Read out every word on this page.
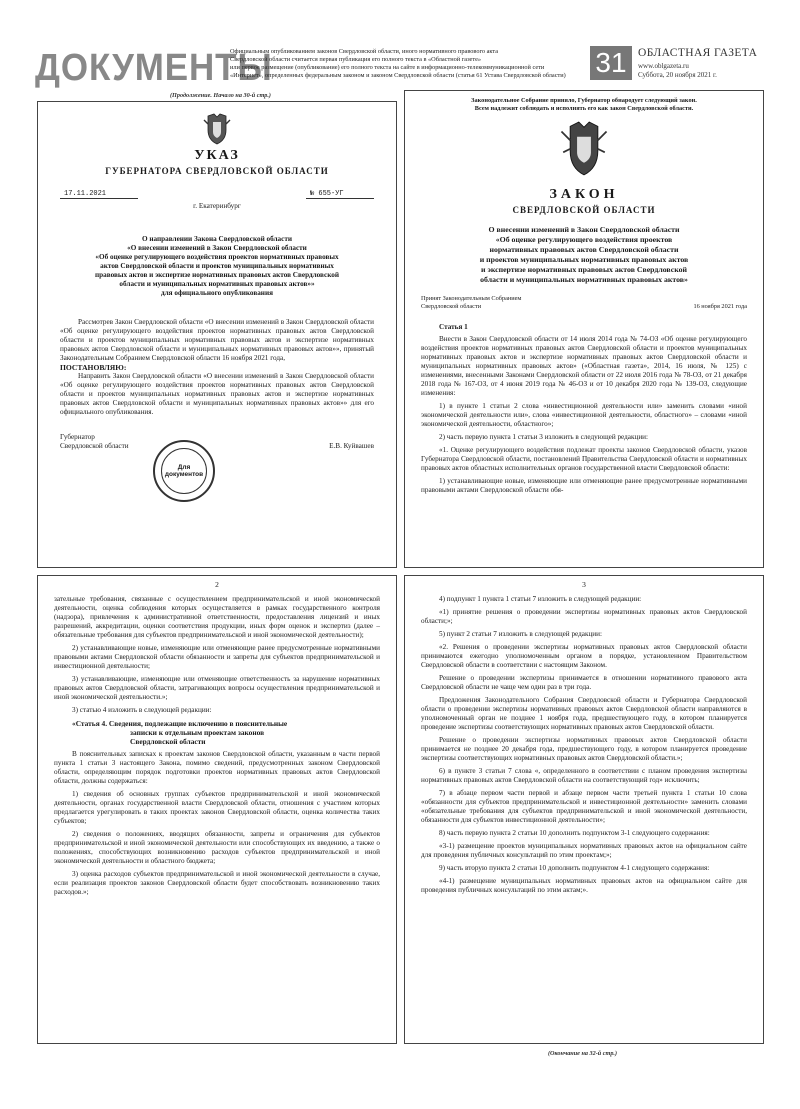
ДОКУМЕНТЫ
Официальным опубликованием законов Свердловской области, иного нормативного правового акта
Свердловской области считается первая публикация его полного текста в «Областной газете»
или первое размещение (опубликование) его полного текста на сайте в информационно-телекоммуникационной сети
«Интернет», определенных федеральным законом и законом Свердловской области (статья 61 Устава Свердловской области)	31 ОБЛАСТНАЯ ГАЗЕТА
www.oblgazeta.ru
Суббота, 20 ноября 2021 г.
(Продолжение. Начало на 30-й стр.)
УКАЗ
ГУБЕРНАТОРА СВЕРДЛОВСКОЙ ОБЛАСТИ
17.11.2021	№ 655-УГ
г. Екатеринбург
О направлении Закона Свердловской области
«О внесении изменений в Закон Свердловской области
«Об оценке регулирующего воздействия проектов нормативных правовых
актов Свердловской области и проектов муниципальных нормативных
правовых актов и экспертизе нормативных правовых актов Свердловской
области и муниципальных нормативных правовых актов»»
для официального опубликования

Рассмотрев Закон Свердловской области «О внесении изменений в Закон Свердловской области «Об оценке регулирующего воздействия проектов нормативных правовых актов Свердловской области и проектов муниципальных нормативных правовых актов и экспертизе нормативных правовых актов Свердловской области и муниципальных нормативных правовых актов»», принятый Законодательным Собранием Свердловской области 16 ноября 2021 года,

ПОСТАНОВЛЯЮ:

Направить Закон Свердловской области «О внесении изменений в Закон Свердловской области «Об оценке регулирующего воздействия проектов нормативных правовых актов Свердловской области и проектов муниципальных нормативных правовых актов и экспертизе нормативных правовых актов Свердловской области и муниципальных нормативных правовых актов»» для его официального опубликования.

Губернатор
Свердловской области	Е.В. Куйвашев
Для документов
Законодательное Собрание приняло, Губернатор обнародует следующий закон.
Всем надлежит соблюдать и исполнять его как закон Свердловской области.
ЗАКОН
СВЕРДЛОВСКОЙ ОБЛАСТИ
О внесении изменений в Закон Свердловской области
«Об оценке регулирующего воздействия проектов
нормативных правовых актов Свердловской области
и проектов муниципальных нормативных правовых актов
и экспертизе нормативных правовых актов Свердловской
области и муниципальных нормативных правовых актов»
Принят Законодательным Собранием
Свердловской области	16 ноября 2021 года

Статья 1

Внести в Закон Свердловской области от 14 июля 2014 года № 74-ОЗ «Об оценке регулирующего воздействия проектов нормативных правовых актов Свердловской области и проектов муниципальных нормативных правовых актов и экспертизе нормативных правовых актов Свердловской области и муниципальных нормативных правовых актов» («Областная газета», 2014, 16 июля, № 125) с изменениями, внесенными Законами Свердловской области от 22 июля 2016 года № 78-ОЗ, от 21 декабря 2018 года № 167-ОЗ, от 4 июня 2019 года № 46-ОЗ и от 10 декабря 2020 года № 139-ОЗ, следующие изменения:

1) в пункте 1 статьи 2 слова «инвестиционной деятельности или» заменить словами «иной экономической деятельности или», слова «инвестиционной деятельности, областного» – словами «иной экономической деятельности, областного»;

2) часть первую пункта 1 статьи 3 изложить в следующей редакции:

«1. Оценке регулирующего воздействия подлежат проекты законов Свердловской области, указов Губернатора Свердловской области, постановлений Правительства Свердловской области и нормативных правовых актов областных исполнительных органов государственной власти Свердловской области:

1) устанавливающие новые, изменяющие или отменяющие ранее предусмотренные нормативными правовыми актами Свердловской области обя-

2

зательные требования, связанные с осуществлением предпринимательской и иной экономической деятельности, оценка соблюдения которых осуществляется в рамках государственного контроля (надзора), привлечения к административной ответственности, предоставления лицензий и иных разрешений, аккредитации, оценки соответствия продукции, иных форм оценок и экспертиз (далее – обязательные требования для субъектов предпринимательской и иной экономической деятельности);

2) устанавливающие новые, изменяющие или отменяющие ранее предусмотренные нормативными правовыми актами Свердловской области обязанности и запреты для субъектов предпринимательской и инвестиционной деятельности;

3) устанавливающие, изменяющие или отменяющие ответственность за нарушение нормативных правовых актов Свердловской области, затрагивающих вопросы осуществления предпринимательской и иной экономической деятельности.»;

3) статью 4 изложить в следующей редакции:

«Статья 4. Сведения, подлежащие включению в пояснительные
записки к отдельным проектам законов
Свердловской области

В пояснительных записках к проектам законов Свердловской области, указанным в части первой пункта 1 статьи 3 настоящего Закона, помимо сведений, предусмотренных законом Свердловской области, определяющим порядок подготовки проектов нормативных правовых актов Свердловской области, должны содержаться:

1) сведения об основных группах субъектов предпринимательской и иной экономической деятельности, органах государственной власти Свердловской области, отношения с участием которых предлагается урегулировать в таких проектах законов Свердловской области, оценка количества таких субъектов;

2) сведения о положениях, вводящих обязанности, запреты и ограничения для субъектов предпринимательской и иной экономической деятельности или способствующих их введению, а также о положениях, способствующих возникновению расходов субъектов предпринимательской и иной экономической деятельности и областного бюджета;

3) оценка расходов субъектов предпринимательской и иной экономической деятельности в случае, если реализация проектов законов Свердловской области будет способствовать возникновению таких расходов.»;

3

4) подпункт 1 пункта 1 статьи 7 изложить в следующей редакции:

«1) принятие решения о проведении экспертизы нормативных правовых актов Свердловской области;»;

5) пункт 2 статьи 7 изложить в следующей редакции:

«2. Решения о проведении экспертизы нормативных правовых актов Свердловской области принимаются ежегодно уполномоченным органом в порядке, установленном Правительством Свердловской области в соответствии с настоящим Законом.

Решение о проведении экспертизы принимается в отношении нормативного правового акта Свердловской области не чаще чем один раз в три года.

Предложения Законодательного Собрания Свердловской области и Губернатора Свердловской области о проведении экспертизы нормативных правовых актов Свердловской области направляются в уполномоченный орган не позднее 1 ноября года, предшествующего году, в котором планируется проведение экспертизы соответствующих нормативных правовых актов Свердловской области.

Решение о проведении экспертизы нормативных правовых актов Свердловской области принимается не позднее 20 декабря года, предшествующего году, в котором планируется проведение экспертизы соответствующих нормативных правовых актов Свердловской области.»;

6) в пункте 3 статьи 7 слова «, определенного в соответствии с планом проведения экспертизы нормативных правовых актов Свердловской области на соответствующий год» исключить;

7) в абзаце первом части первой и абзаце первом части третьей пункта 1 статьи 10 слова «обязанности для субъектов предпринимательской и инвестиционной деятельности» заменить словами «обязательные требования для субъектов предпринимательской и иной экономической деятельности, обязанности для субъектов инвестиционной деятельности»;

8) часть первую пункта 2 статьи 10 дополнить подпунктом 3-1 следующего содержания:

«3-1) размещение проектов муниципальных нормативных правовых актов на официальном сайте для проведения публичных консультаций по этим проектам;»;

9) часть вторую пункта 2 статьи 10 дополнить подпунктом 4-1 следующего содержания:

«4-1) размещение муниципальных нормативных правовых актов на официальном сайте для проведения публичных консультаций по этим актам;».

(Окончание на 32-й стр.)
